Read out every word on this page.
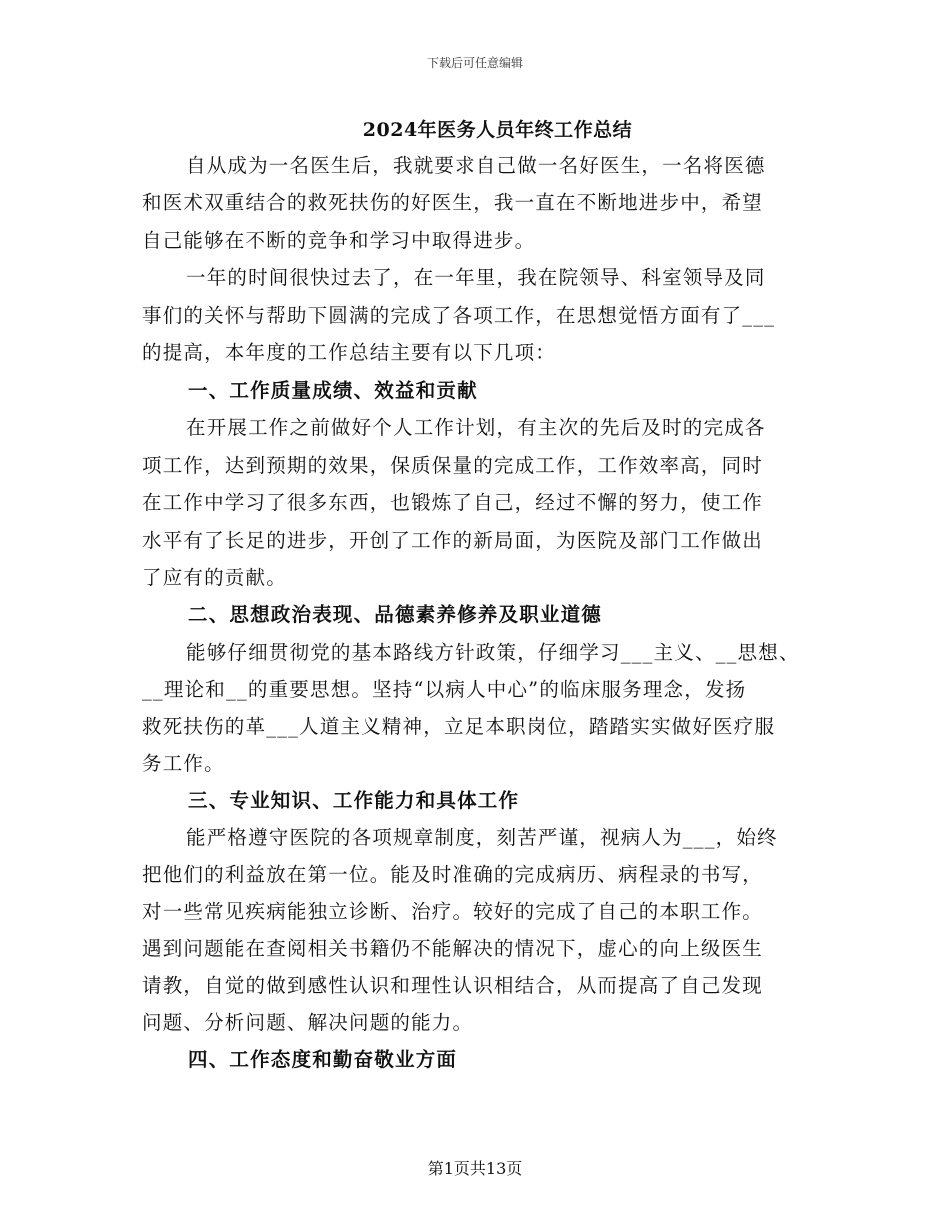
下载后可任意编辑
2024年医务人员年终工作总结
自从成为一名医生后，我就要求自己做一名好医生，一名将医德
和医术双重结合的救死扶伤的好医生，我一直在不断地进步中，希望
自己能够在不断的竞争和学习中取得进步。
一年的时间很快过去了，在一年里，我在院领导、科室领导及同
事们的关怀与帮助下圆满的完成了各项工作，在思想觉悟方面有了___
的提高，本年度的工作总结主要有以下几项：
一、工作质量成绩、效益和贡献
在开展工作之前做好个人工作计划，有主次的先后及时的完成各
项工作，达到预期的效果，保质保量的完成工作，工作效率高，同时
在工作中学习了很多东西，也锻炼了自己，经过不懈的努力，使工作
水平有了长足的进步，开创了工作的新局面，为医院及部门工作做出
了应有的贡献。
二、思想政治表现、品德素养修养及职业道德
能够仔细贯彻党的基本路线方针政策，仔细学习___主义、__思想、
__理论和__的重要思想。坚持“以病人中心”的临床服务理念，发扬
救死扶伤的革___人道主义精神，立足本职岗位，踏踏实实做好医疗服
务工作。
三、专业知识、工作能力和具体工作
能严格遵守医院的各项规章制度，刻苦严谨，视病人为___，始终
把他们的利益放在第一位。能及时准确的完成病历、病程录的书写，
对一些常见疾病能独立诊断、治疗。较好的完成了自己的本职工作。
遇到问题能在查阅相关书籍仍不能解决的情况下，虚心的向上级医生
请教，自觉的做到感性认识和理性认识相结合，从而提高了自己发现
问题、分析问题、解决问题的能力。
四、工作态度和勤奋敬业方面
第1页共13页
